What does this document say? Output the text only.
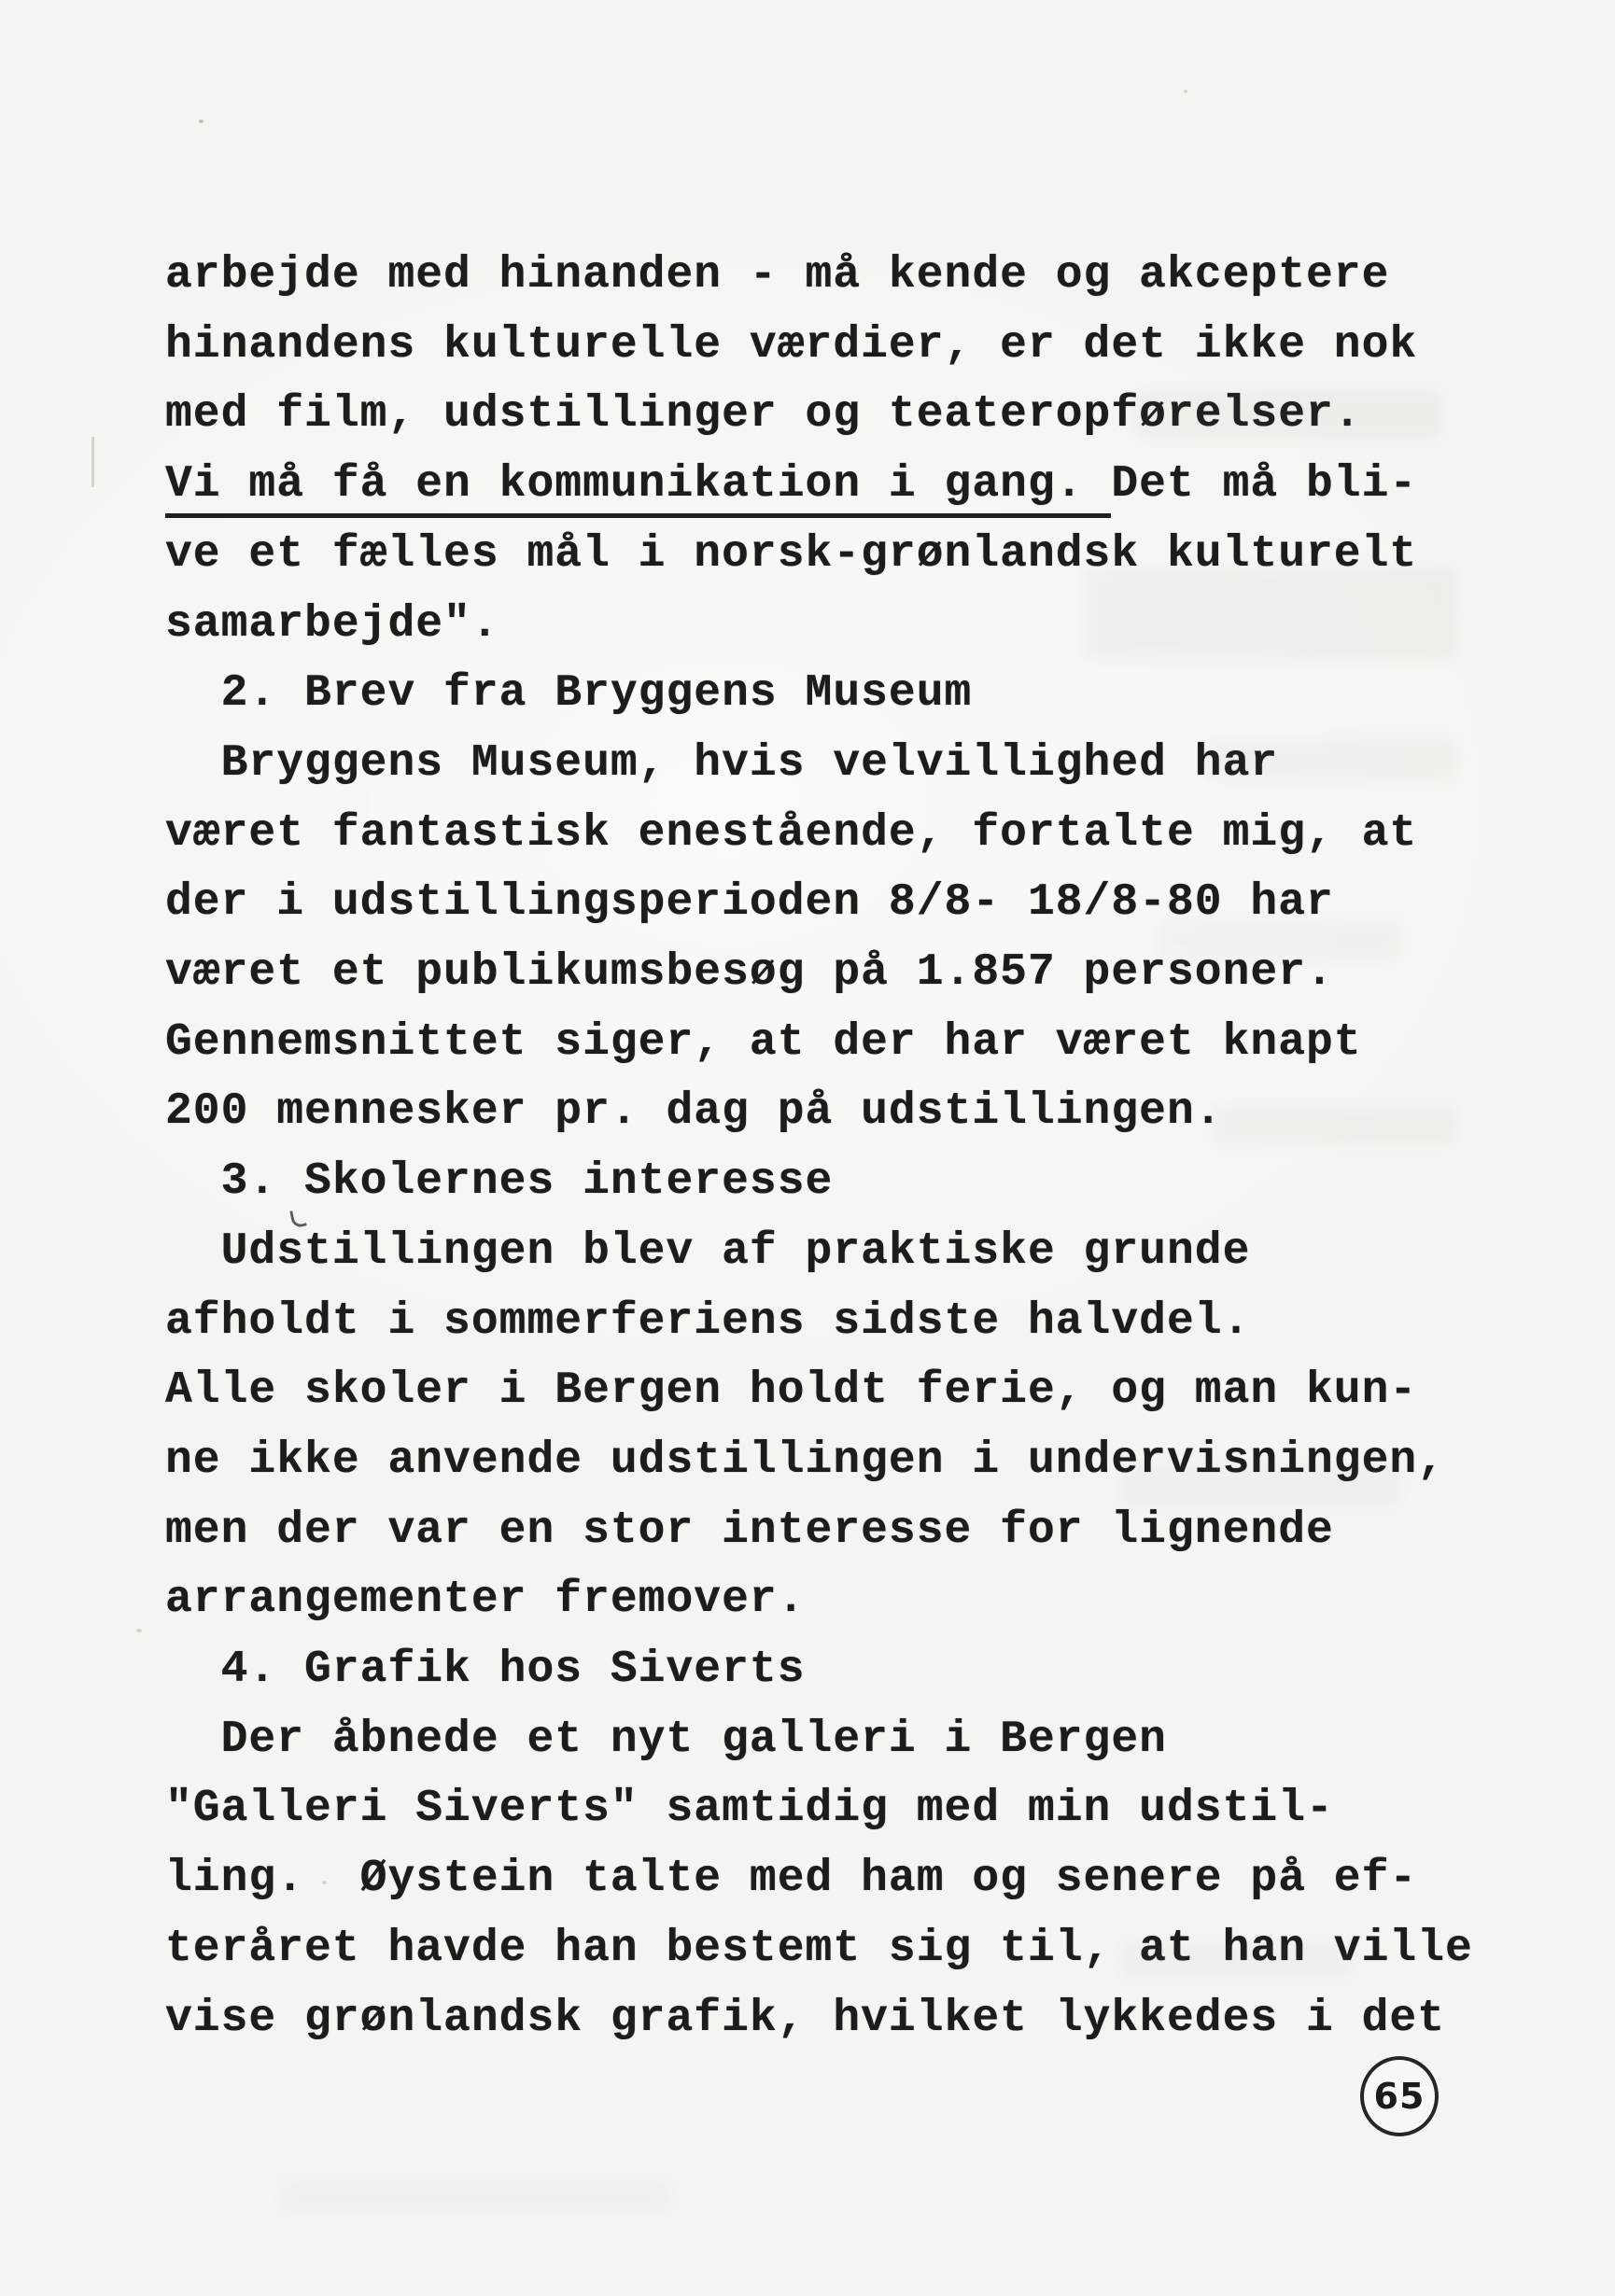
arbejde med hinanden - må kende og akceptere
hinandens kulturelle værdier, er det ikke nok
med film, udstillinger og teateropførelser.
Vi må få en kommunikation i gang. Det må bli-
ve et fælles mål i norsk-grønlandsk kulturelt
samarbejde".
2. Brev fra Bryggens Museum
Bryggens Museum, hvis velvillighed har
været fantastisk enestående, fortalte mig, at
der i udstillingsperioden 8/8- 18/8-80 har
været et publikumsbesøg på 1.857 personer.
Gennemsnittet siger, at der har været knapt
200 mennesker pr. dag på udstillingen.
3. Skolernes interesse
Udstillingen blev af praktiske grunde
afholdt i sommerferiens sidste halvdel.
Alle skoler i Bergen holdt ferie, og man kun-
ne ikke anvende udstillingen i undervisningen,
men der var en stor interesse for lignende
arrangementer fremover.
4. Grafik hos Siverts
Der åbnede et nyt galleri i Bergen
"Galleri Siverts" samtidig med min udstil-
ling.  Øystein talte med ham og senere på ef-
teråret havde han bestemt sig til, at han ville
vise grønlandsk grafik, hvilket lykkedes i det
65
